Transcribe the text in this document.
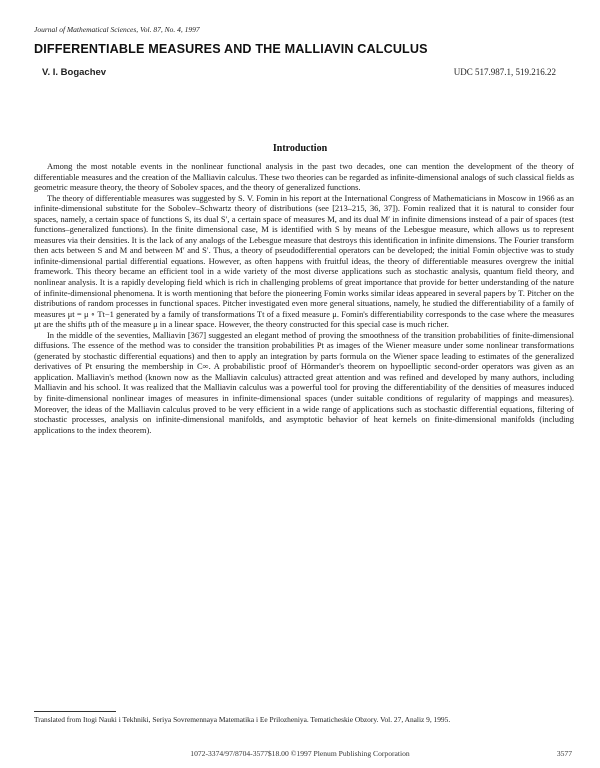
Journal of Mathematical Sciences, Vol. 87, No. 4, 1997
DIFFERENTIABLE MEASURES AND THE MALLIAVIN CALCULUS
V. I. Bogachev	UDC 517.987.1, 519.216.22
Introduction

Among the most notable events in the nonlinear functional analysis in the past two decades, one can mention the development of the theory of differentiable measures and the creation of the Malliavin calculus. These two theories can be regarded as infinite-dimensional analogs of such classical fields as geometric measure theory, the theory of Sobolev spaces, and the theory of generalized functions.

The theory of differentiable measures was suggested by S. V. Fomin in his report at the International Congress of Mathematicians in Moscow in 1966 as an infinite-dimensional substitute for the Sobolev–Schwartz theory of distributions (see [213–215, 36, 37]). Fomin realized that it is natural to consider four spaces, namely, a certain space of functions S, its dual S′, a certain space of measures M, and its dual M′ in infinite dimensions instead of a pair of spaces (test functions–generalized functions). In the finite dimensional case, M is identified with S by means of the Lebesgue measure, which allows us to represent measures via their densities. It is the lack of any analogs of the Lebesgue measure that destroys this identification in infinite dimensions. The Fourier transform then acts between S and M and between M′ and S′. Thus, a theory of pseudodifferential operators can be developed; the initial Fomin objective was to study infinite-dimensional partial differential equations. However, as often happens with fruitful ideas, the theory of differentiable measures overgrew the initial framework. This theory became an efficient tool in a wide variety of the most diverse applications such as stochastic analysis, quantum field theory, and nonlinear analysis. It is a rapidly developing field which is rich in challenging problems of great importance that provide for better understanding of the nature of infinite-dimensional phenomena. It is worth mentioning that before the pioneering Fomin works similar ideas appeared in several papers by T. Pitcher on the distributions of random processes in functional spaces. Pitcher investigated even more general situations, namely, he studied the differentiability of a family of measures μt = μ ∘ Tt−1 generated by a family of transformations Tt of a fixed measure μ. Fomin's differentiability corresponds to the case where the measures μt are the shifts μth of the measure μ in a linear space. However, the theory constructed for this special case is much richer.

In the middle of the seventies, Malliavin [367] suggested an elegant method of proving the smoothness of the transition probabilities of finite-dimensional diffusions. The essence of the method was to consider the transition probabilities Pt as images of the Wiener measure under some nonlinear transformations (generated by stochastic differential equations) and then to apply an integration by parts formula on the Wiener space leading to estimates of the generalized derivatives of Pt ensuring the membership in C∞. A probabilistic proof of Hörmander's theorem on hypoelliptic second-order operators was given as an application. Malliavin's method (known now as the Malliavin calculus) attracted great attention and was refined and developed by many authors, including Malliavin and his school. It was realized that the Malliavin calculus was a powerful tool for proving the differentiability of the densities of measures induced by finite-dimensional nonlinear images of measures in infinite-dimensional spaces (under suitable conditions of regularity of mappings and measures). Moreover, the ideas of the Malliavin calculus proved to be very efficient in a wide range of applications such as stochastic differential equations, filtering of stochastic processes, analysis on infinite-dimensional manifolds, and asymptotic behavior of heat kernels on finite-dimensional manifolds (including applications to the index theorem).

Translated from Itogi Nauki i Tekhniki, Seriya Sovremennaya Matematika i Ee Prilozheniya. Tematicheskie Obzory. Vol. 27, Analiz 9, 1995.

1072-3374/97/8704-3577$18.00 ©1997 Plenum Publishing Corporation	3577
